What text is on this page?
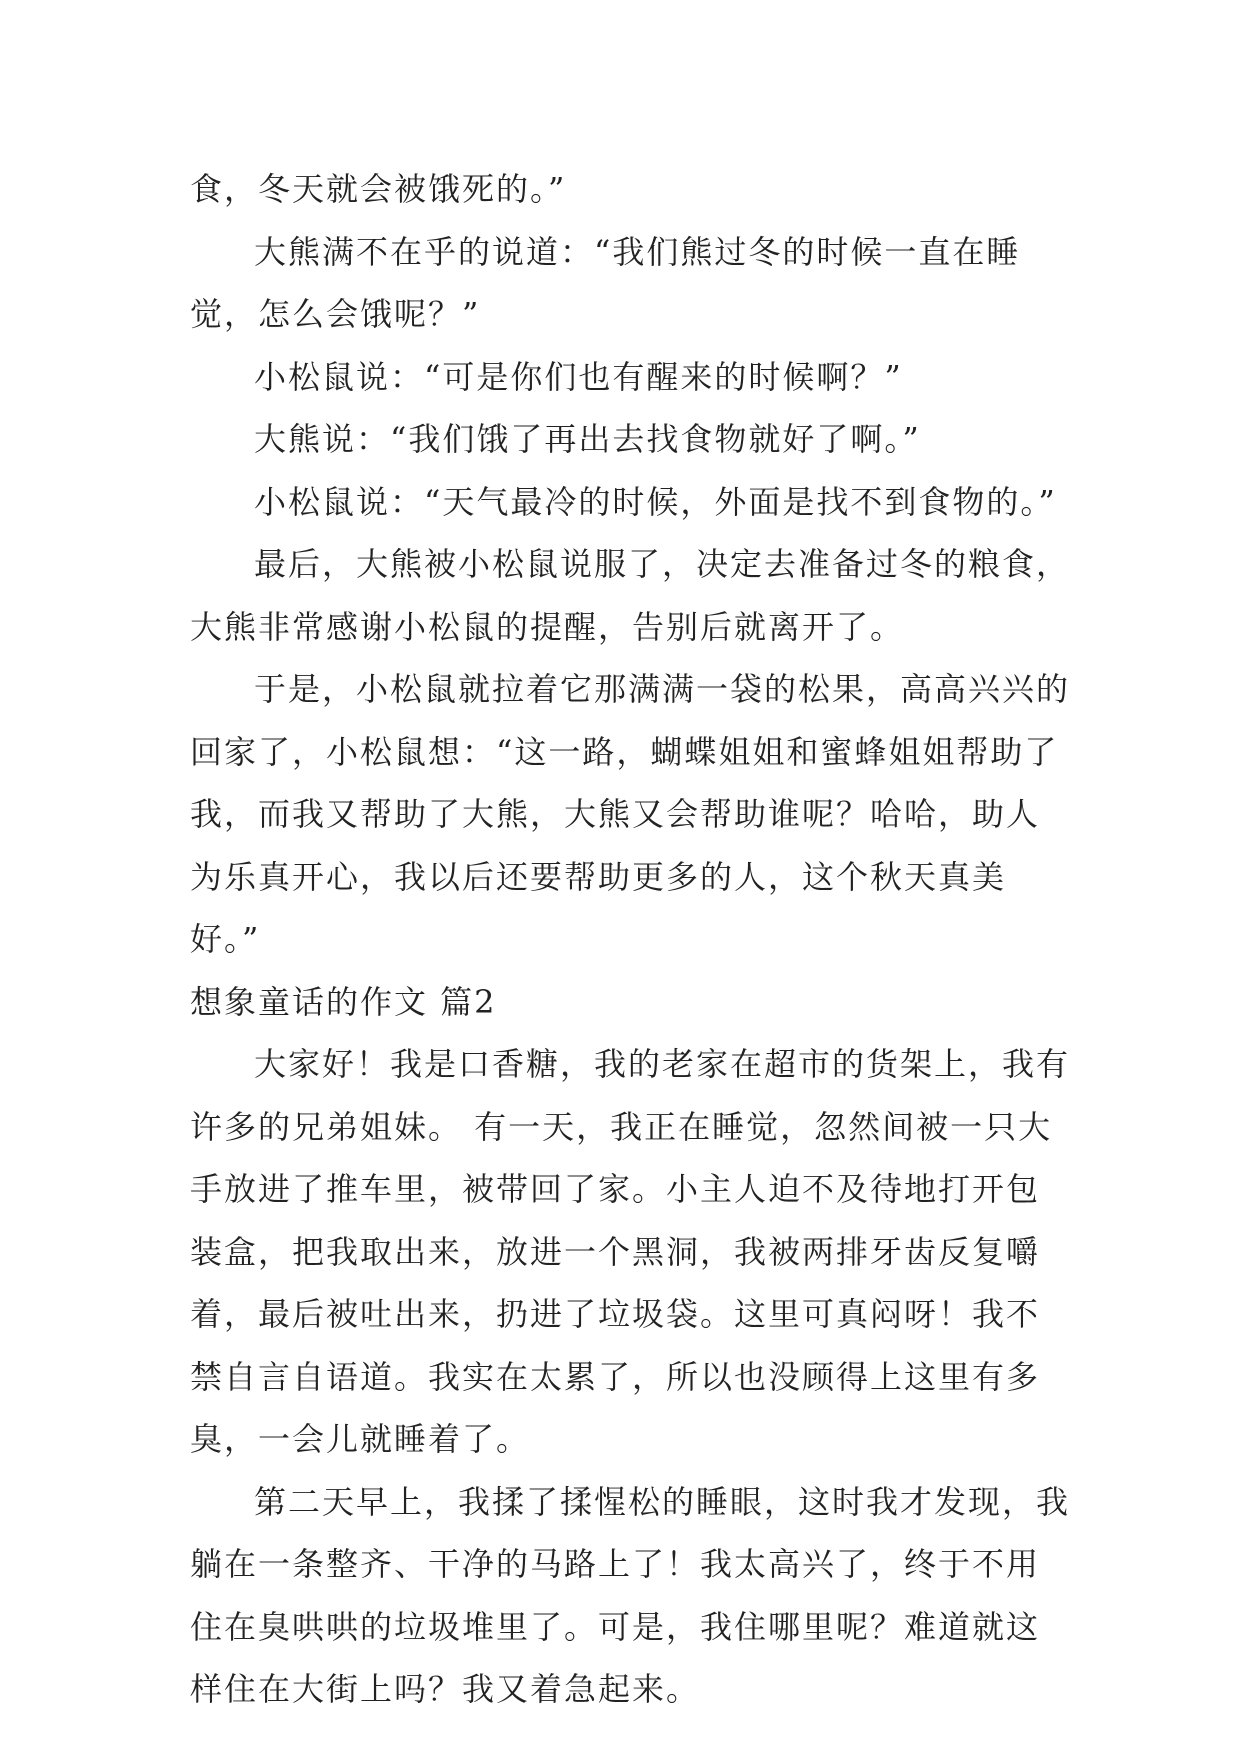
食，冬天就会被饿死的。”

大熊满不在乎的说道：“我们熊过冬的时候一直在睡觉，怎么会饿呢？”

小松鼠说：“可是你们也有醒来的时候啊？”

大熊说：“我们饿了再出去找食物就好了啊。”

小松鼠说：“天气最冷的时候，外面是找不到食物的。”

最后，大熊被小松鼠说服了，决定去准备过冬的粮食，大熊非常感谢小松鼠的提醒，告别后就离开了。

于是，小松鼠就拉着它那满满一袋的松果，高高兴兴的回家了，小松鼠想：“这一路，蝴蝶姐姐和蜜蜂姐姐帮助了我，而我又帮助了大熊，大熊又会帮助谁呢？哈哈，助人为乐真开心，我以后还要帮助更多的人，这个秋天真美好。”

想象童话的作文 篇2

大家好！我是口香糖，我的老家在超市的货架上，我有许多的兄弟姐妹。 有一天，我正在睡觉，忽然间被一只大手放进了推车里，被带回了家。小主人迫不及待地打开包装盒，把我取出来，放进一个黑洞，我被两排牙齿反复嚼着，最后被吐出来，扔进了垃圾袋。这里可真闷呀！我不禁自言自语道。我实在太累了，所以也没顾得上这里有多臭，一会儿就睡着了。

第二天早上，我揉了揉惺松的睡眼，这时我才发现，我躺在一条整齐、干净的马路上了！我太高兴了，终于不用住在臭哄哄的垃圾堆里了。可是，我住哪里呢？难道就这样住在大街上吗？我又着急起来。
